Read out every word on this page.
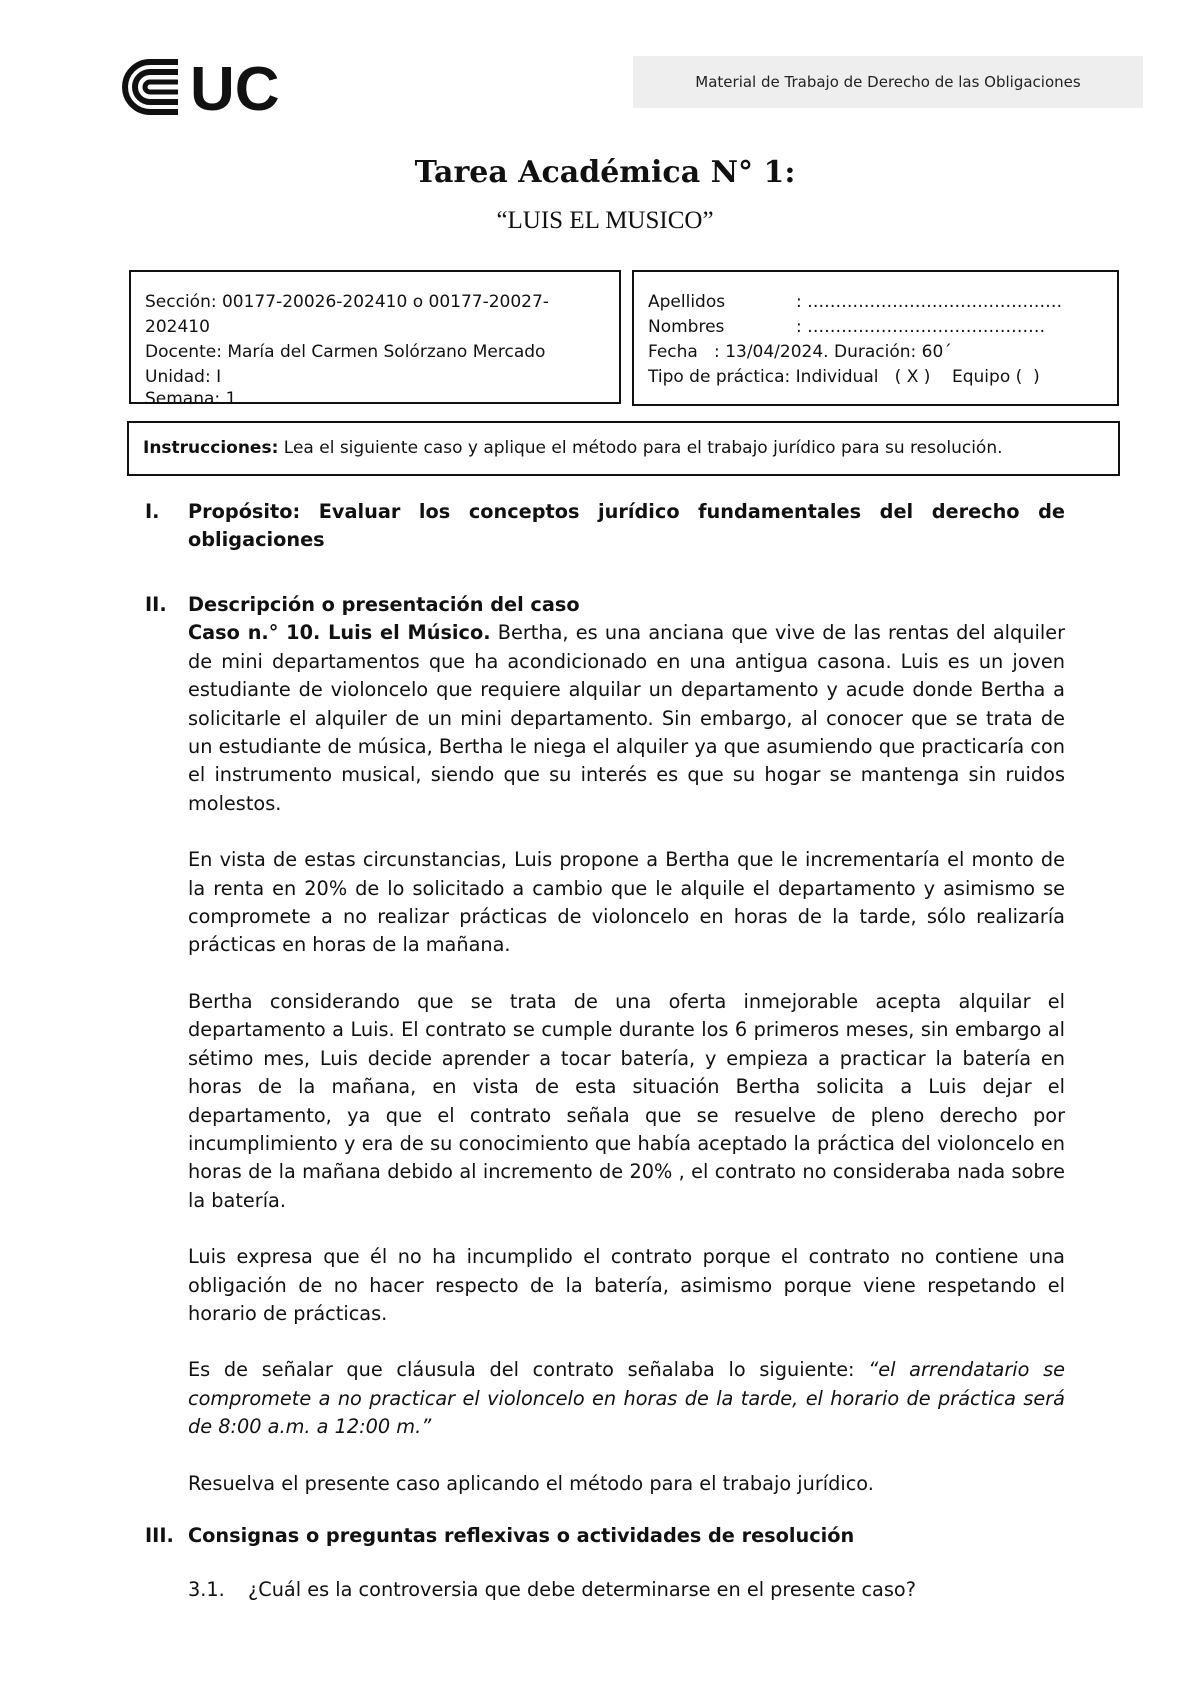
UC	Material de Trabajo de Derecho de las Obligaciones
Tarea Académica N° 1:
“LUIS EL MUSICO”
Sección: 00177-20026-202410 o 00177-20027-202410
Docente: María del Carmen Solórzano Mercado
Unidad: I
Semana: 1
Apellidos	: ………………………………………
Nombres	: ……………………………………
Fecha   : 13/04/2024. Duración: 60´
Tipo de práctica: Individual   ( X )    Equipo (  )
Instrucciones: Lea el siguiente caso y aplique el método para el trabajo jurídico para su resolución.
I.	Propósito: Evaluar los conceptos jurídico fundamentales del derecho de obligaciones
II.	Descripción o presentación del caso

Caso n.° 10. Luis el Músico. Bertha, es una anciana que vive de las rentas del alquiler de mini departamentos que ha acondicionado en una antigua casona. Luis es un joven estudiante de violoncelo que requiere alquilar un departamento y acude donde Bertha a solicitarle el alquiler de un mini departamento. Sin embargo, al conocer que se trata de un estudiante de música, Bertha le niega el alquiler ya que asumiendo que practicaría con el instrumento musical, siendo que su interés es que su hogar se mantenga sin ruidos molestos.

En vista de estas circunstancias, Luis propone a Bertha que le incrementaría el monto de la renta en 20% de lo solicitado a cambio que le alquile el departamento y asimismo se compromete a no realizar prácticas de violoncelo en horas de la tarde, sólo realizaría prácticas en horas de la mañana.

Bertha considerando que se trata de una oferta inmejorable acepta alquilar el departamento a Luis. El contrato se cumple durante los 6 primeros meses, sin embargo al sétimo mes, Luis decide aprender a tocar batería, y empieza a practicar la batería en horas de la mañana, en vista de esta situación Bertha solicita a Luis dejar el departamento, ya que el contrato señala que se resuelve de pleno derecho por incumplimiento y era de su conocimiento que había aceptado la práctica del violoncelo en horas de la mañana debido al incremento de 20% , el contrato no consideraba nada sobre la batería.

Luis expresa que él no ha incumplido el contrato porque el contrato no contiene una obligación de no hacer respecto de la batería, asimismo porque viene respetando el horario de prácticas.

Es de señalar que cláusula del contrato señalaba lo siguiente: “el arrendatario se compromete a no practicar el violoncelo en horas de la tarde, el horario de práctica será de 8:00 a.m. a 12:00 m.”

Resuelva el presente caso aplicando el método para el trabajo jurídico.

III. Consignas o preguntas reflexivas o actividades de resolución
3.1. ¿Cuál es la controversia que debe determinarse en el presente caso?
